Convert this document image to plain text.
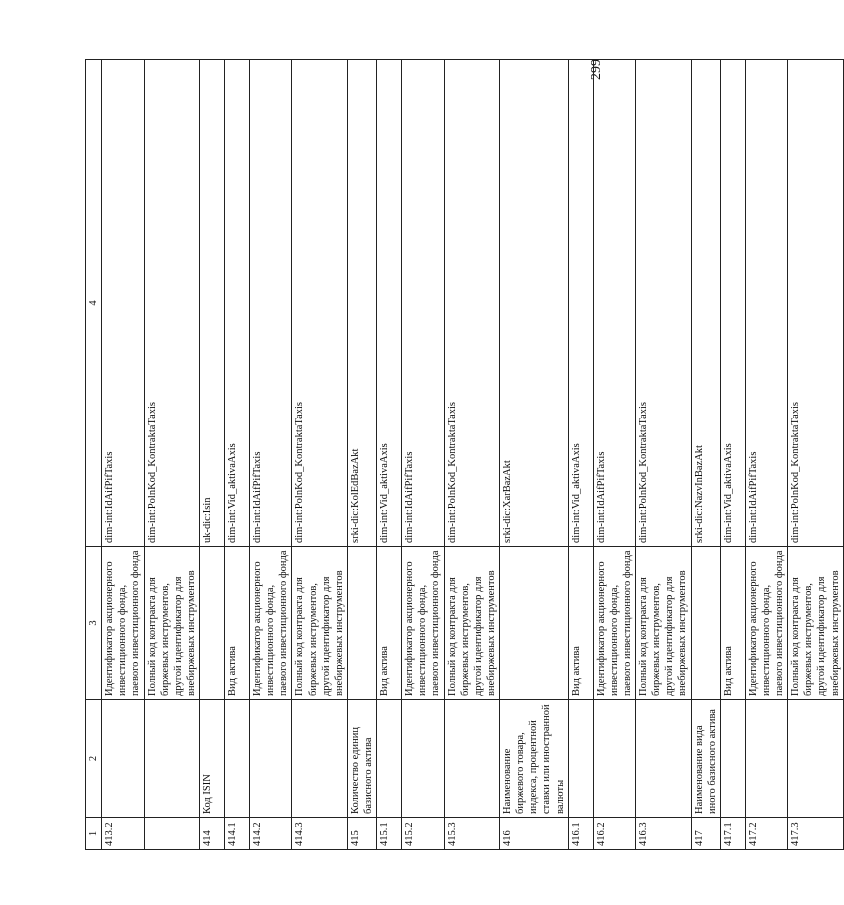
299
1	2	3	4
413.2		Идентификатор акционерного инвестиционного фонда, паевого инвестиционного фонда	dim-int:IdAifPifTaxis
		Полный код контракта для биржевых инструментов, другой идентификатор для внебиржевых инструментов	dim-int:PolnKod_KontraktaTaxis
414	Код ISIN		uk-dic:Isin
414.1		Вид актива	dim-int:Vid_aktivaAxis
414.2		Идентификатор акционерного инвестиционного фонда, паевого инвестиционного фонда	dim-int:IdAifPifTaxis
414.3		Полный код контракта для биржевых инструментов, другой идентификатор для внебиржевых инструментов	dim-int:PolnKod_KontraktaTaxis
415	Количество единиц базисного актива		srki-dic:KolEdBazAkt
415.1		Вид актива	dim-int:Vid_aktivaAxis
415.2		Идентификатор акционерного инвестиционного фонда, паевого инвестиционного фонда	dim-int:IdAifPifTaxis
415.3		Полный код контракта для биржевых инструментов, другой идентификатор для внебиржевых инструментов	dim-int:PolnKod_KontraktaTaxis
416	Наименование биржевого товара, индекса, процентной ставки или иностранной валюты		srki-dic:XarBazAkt
416.1		Вид актива	dim-int:Vid_aktivaAxis
416.2		Идентификатор акционерного инвестиционного фонда, паевого инвестиционного фонда	dim-int:IdAifPifTaxis
416.3		Полный код контракта для биржевых инструментов, другой идентификатор для внебиржевых инструментов	dim-int:PolnKod_KontraktaTaxis
417	Наименование вида иного базисного актива		srki-dic:NazvInBazAkt
417.1		Вид актива	dim-int:Vid_aktivaAxis
417.2		Идентификатор акционерного инвестиционного фонда, паевого инвестиционного фонда	dim-int:IdAifPifTaxis
417.3		Полный код контракта для биржевых инструментов, другой идентификатор для внебиржевых инструментов	dim-int:PolnKod_KontraktaTaxis
